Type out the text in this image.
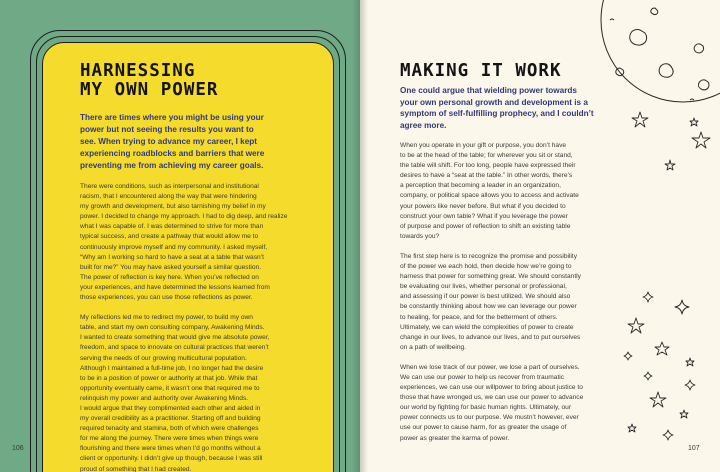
HARNESSING
MY OWN POWER

There are times where you might be using your
power but not seeing the results you want to
see. When trying to advance my career, I kept
experiencing roadblocks and barriers that were
preventing me from achieving my career goals.

There were conditions, such as interpersonal and institutional
racism, that I encountered along the way that were hindering
my growth and development, but also tarnishing my belief in my
power. I decided to change my approach. I had to dig deep, and realize
what I was capable of. I was determined to strive for more than
typical success, and create a pathway that would allow me to
continuously improve myself and my community. I asked myself,
“Why am I working so hard to have a seat at a table that wasn’t
built for me?” You may have asked yourself a similar question.
The power of reflection is key here. When you’ve reflected on
your experiences, and have determined the lessons learned from
those experiences, you can use those reflections as power.

My reflections led me to redirect my power, to build my own
table, and start my own consulting company, Awakening Minds.
I wanted to create something that would give me absolute power,
freedom, and space to innovate on cultural practices that weren’t
serving the needs of our growing multicultural population.
Although I maintained a full-time job, I no longer had the desire
to be in a position of power or authority at that job. While that
opportunity eventually came, it wasn’t one that required me to
relinquish my power and authority over Awakening Minds.
I would argue that they complimented each other and aided in
my overall credibility as a practitioner. Starting off and building
required tenacity and stamina, both of which were challenges
for me along the journey. There were times when things were
flourishing and there were times when I’d go months without a
client or opportunity. I didn’t give up though, because I was still
proud of something that I had created.

106	107
MAKING IT WORK

One could argue that wielding power towards
your own personal growth and development is a
symptom of self-fulfilling prophecy, and I couldn’t
agree more.

When you operate in your gift or purpose, you don’t have
to be at the head of the table; for wherever you sit or stand,
the table will shift. For too long, people have expressed their
desires to have a “seat at the table.” In other words, there’s
a perception that becoming a leader in an organization,
company, or political space allows you to access and activate
your powers like never before. But what if you decided to
construct your own table? What if you leverage the power
of purpose and power of reflection to shift an existing table
towards you?

The first step here is to recognize the promise and possibility
of the power we each hold, then decide how we’re going to
harness that power for something great. We should constantly
be evaluating our lives, whether personal or professional,
and assessing if our power is best utilized. We should also
be constantly thinking about how we can leverage our power
to healing, for peace, and for the betterment of others.
Ultimately, we can wield the complexities of power to create
change in our lives, to advance our lives, and to put ourselves
on a path of wellbeing.

When we lose track of our power, we lose a part of ourselves.
We can use our power to help us recover from traumatic
experiences, we can use our willpower to bring about justice to
those that have wronged us, we can use our power to advance
our world by fighting for basic human rights. Ultimately, our
power connects us to our purpose. We mustn’t however, ever
use our power to cause harm, for as greater the usage of
power as greater the karma of power.
